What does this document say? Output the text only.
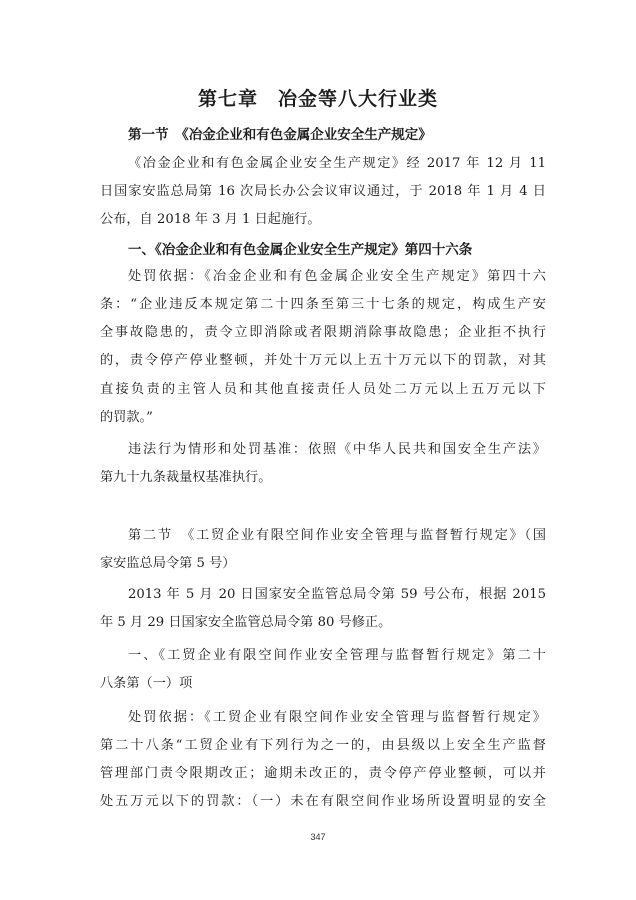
第七章　冶金等八大行业类
第一节　《冶金企业和有色金属企业安全生产规定》
《冶金企业和有色金属企业安全生产规定》经 2017 年 12 月 11
日国家安监总局第 16 次局长办公会议审议通过，于 2018 年 1 月 4 日
公布，自 2018 年 3 月 1 日起施行。
一、《冶金企业和有色金属企业安全生产规定》第四十六条
处罚依据：《冶金企业和有色金属企业安全生产规定》第四十六
条：“企业违反本规定第二十四条至第三十七条的规定，构成生产安
全事故隐患的，责令立即消除或者限期消除事故隐患；企业拒不执行
的，责令停产停业整顿，并处十万元以上五十万元以下的罚款，对其
直接负责的主管人员和其他直接责任人员处二万元以上五万元以下
的罚款。”
违法行为情形和处罚基准：依照《中华人民共和国安全生产法》
第九十九条裁量权基准执行。
第二节　《工贸企业有限空间作业安全管理与监督暂行规定》（国
家安监总局令第 5 号）
2013 年 5 月 20 日国家安全监管总局令第 59 号公布，根据 2015
年 5 月 29 日国家安全监管总局令第 80 号修正。
一、《工贸企业有限空间作业安全管理与监督暂行规定》第二十
八条第（一）项
处罚依据：《工贸企业有限空间作业安全管理与监督暂行规定》
第二十八条“工贸企业有下列行为之一的，由县级以上安全生产监督
管理部门责令限期改正；逾期未改正的，责令停产停业整顿，可以并
处五万元以下的罚款：（一）未在有限空间作业场所设置明显的安全
347
